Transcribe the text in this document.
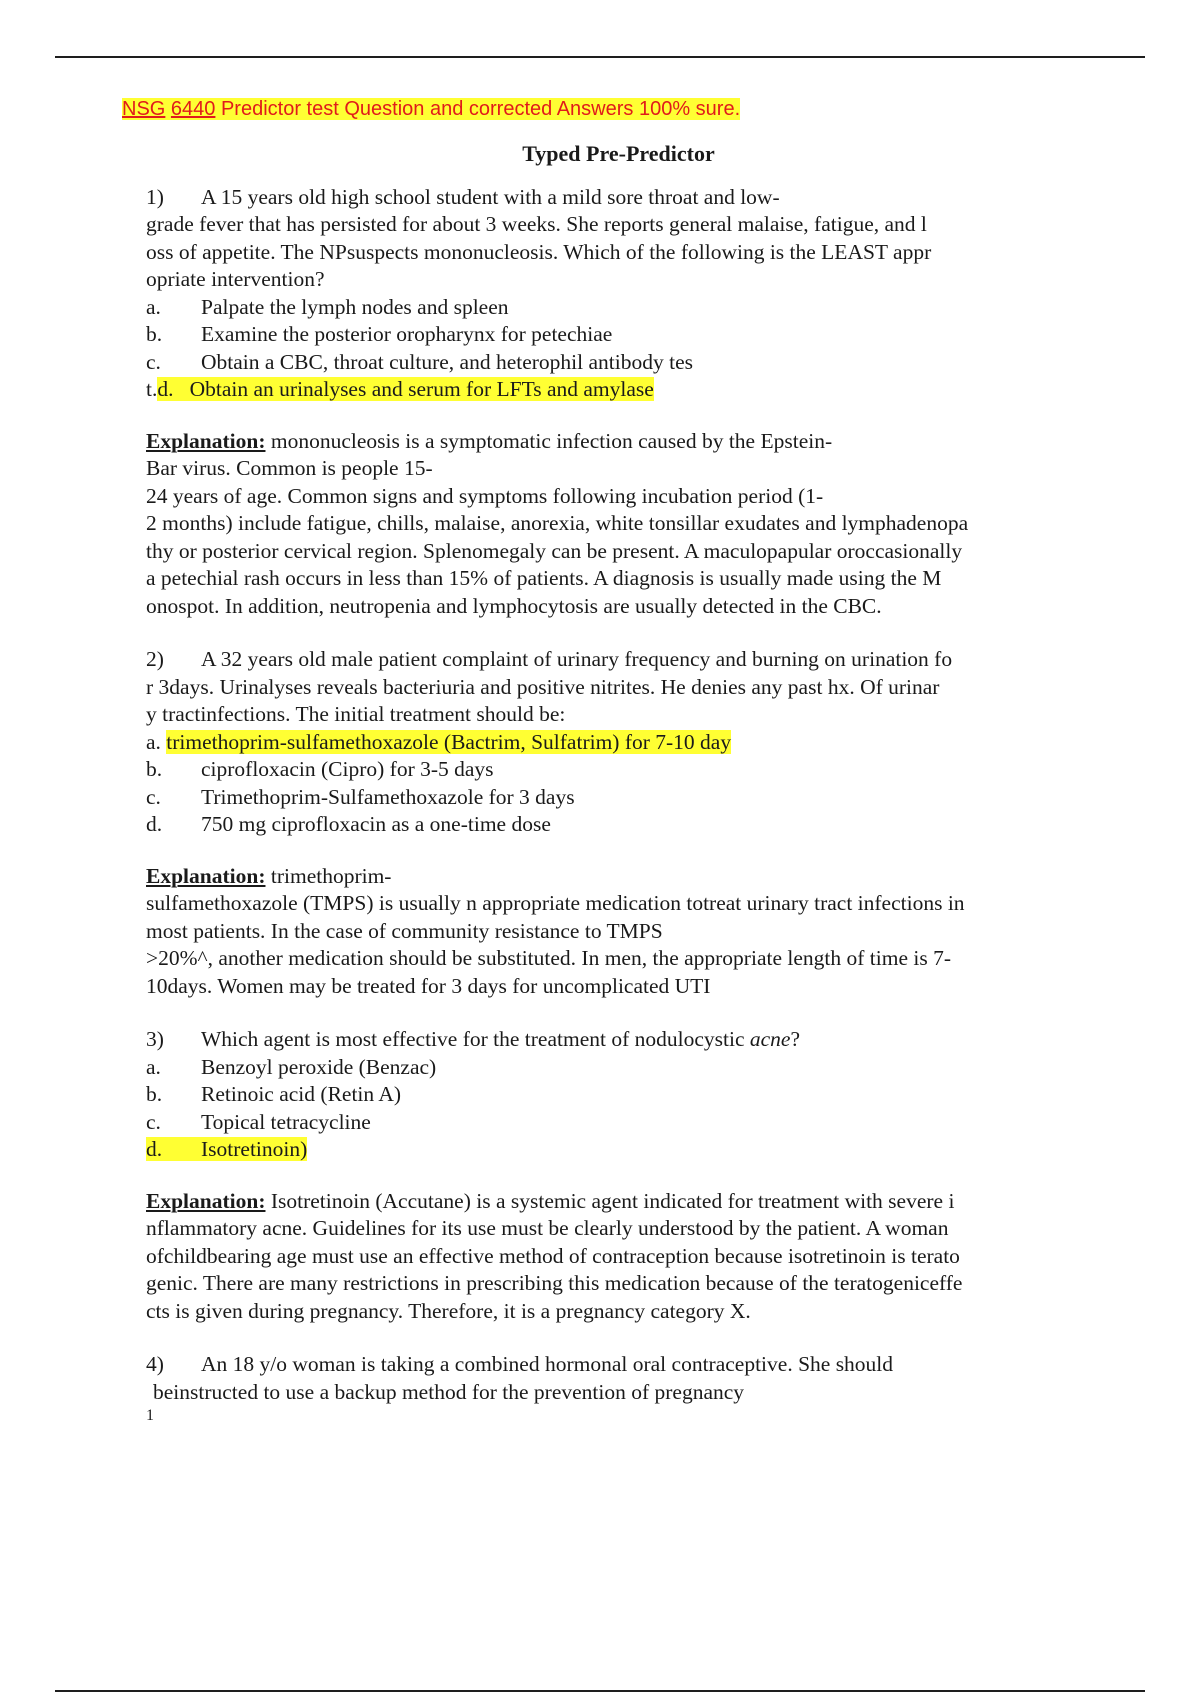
NSG 6440 Predictor test Question and corrected Answers 100% sure.
Typed Pre-Predictor
1)	A 15 years old high school student with a mild sore throat and low-
grade fever that has persisted for about 3 weeks. She reports general malaise, fatigue, and l
oss of appetite. The NPsuspects mononucleosis. Which of the following is the LEAST appr
opriate intervention?
a.	Palpate the lymph nodes and spleen
b.	Examine the posterior oropharynx for petechiae
c.	Obtain a CBC, throat culture, and heterophil antibody tes
t.d. Obtain an urinalyses and serum for LFTs and amylase
Explanation: mononucleosis is a symptomatic infection caused by the Epstein-
Bar virus. Common is people 15-
24 years of age. Common signs and symptoms following incubation period (1-
2 months) include fatigue, chills, malaise, anorexia, white tonsillar exudates and lymphadenopa
thy or posterior cervical region. Splenomegaly can be present. A maculopapular oroccasionally
a petechial rash occurs in less than 15% of patients. A diagnosis is usually made using the M
onospot. In addition, neutropenia and lymphocytosis are usually detected in the CBC.
2)	A 32 years old male patient complaint of urinary frequency and burning on urination fo
r 3days. Urinalyses reveals bacteriuria and positive nitrites. He denies any past hx. Of urinar
y tractinfections. The initial treatment should be:
a. trimethoprim-sulfamethoxazole (Bactrim, Sulfatrim) for 7-10 day
b.	ciprofloxacin (Cipro) for 3-5 days
c.	Trimethoprim-Sulfamethoxazole for 3 days
d.	750 mg ciprofloxacin as a one-time dose
Explanation: trimethoprim-
sulfamethoxazole (TMPS) is usually n appropriate medication totreat urinary tract infections in
most patients. In the case of community resistance to TMPS
>20%^, another medication should be substituted. In men, the appropriate length of time is 7-
10days. Women may be treated for 3 days for uncomplicated UTI
3)	Which agent is most effective for the treatment of nodulocystic acne?
a.	Benzoyl peroxide (Benzac)
b.	Retinoic acid (Retin A)
c.	Topical tetracycline
d. Isotretinoin)
Explanation: Isotretinoin (Accutane) is a systemic agent indicated for treatment with severe i
nflammatory acne. Guidelines for its use must be clearly understood by the patient. A woman
ofchildbearing age must use an effective method of contraception because isotretinoin is terato
genic. There are many restrictions in prescribing this medication because of the teratogeniceffe
cts is given during pregnancy. Therefore, it is a pregnancy category X.
4)	An 18 y/o woman is taking a combined hormonal oral contraceptive. She should
beinstructed to use a backup method for the prevention of pregnancy
1
